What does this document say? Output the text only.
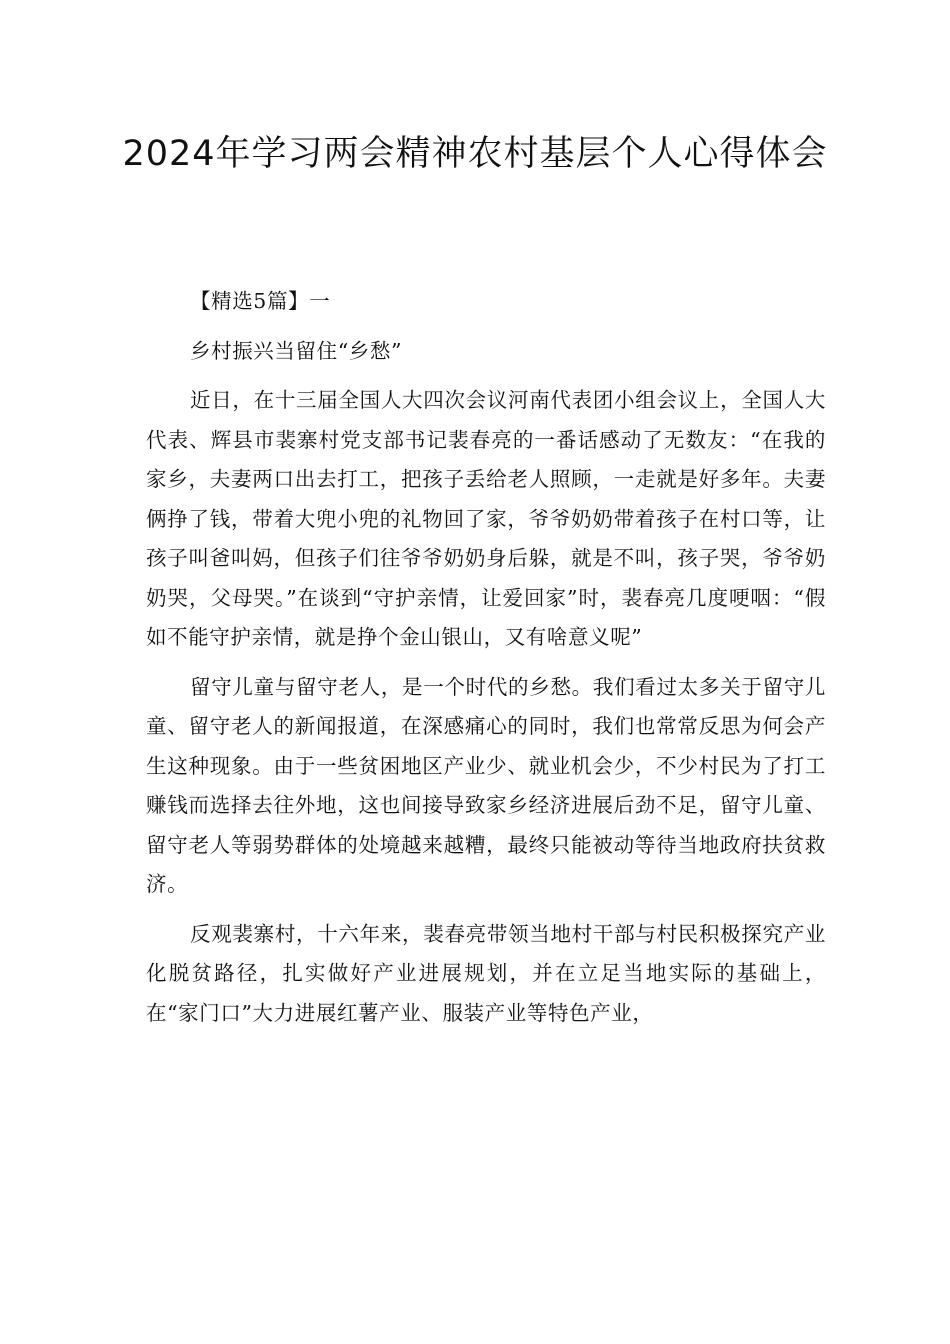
2024年学习两会精神农村基层个人心得体会

【精选5篇】一

乡村振兴当留住“乡愁”

近日，在十三届全国人大四次会议河南代表团小组会议上，全国人大代表、辉县市裴寨村党支部书记裴春亮的一番话感动了无数友：“在我的家乡，夫妻两口出去打工，把孩子丢给老人照顾，一走就是好多年。夫妻俩挣了钱，带着大兜小兜的礼物回了家，爷爷奶奶带着孩子在村口等，让孩子叫爸叫妈，但孩子们往爷爷奶奶身后躲，就是不叫，孩子哭，爷爷奶奶哭，父母哭。”在谈到“守护亲情，让爱回家”时，裴春亮几度哽咽：“假如不能守护亲情，就是挣个金山银山，又有啥意义呢”

留守儿童与留守老人，是一个时代的乡愁。我们看过太多关于留守儿童、留守老人的新闻报道，在深感痛心的同时，我们也常常反思为何会产生这种现象。由于一些贫困地区产业少、就业机会少，不少村民为了打工赚钱而选择去往外地，这也间接导致家乡经济进展后劲不足，留守儿童、留守老人等弱势群体的处境越来越糟，最终只能被动等待当地政府扶贫救济。

反观裴寨村，十六年来，裴春亮带领当地村干部与村民积极探究产业化脱贫路径，扎实做好产业进展规划，并在立足当地实际的基础上，在“家门口”大力进展红薯产业、服装产业等特色产业，
